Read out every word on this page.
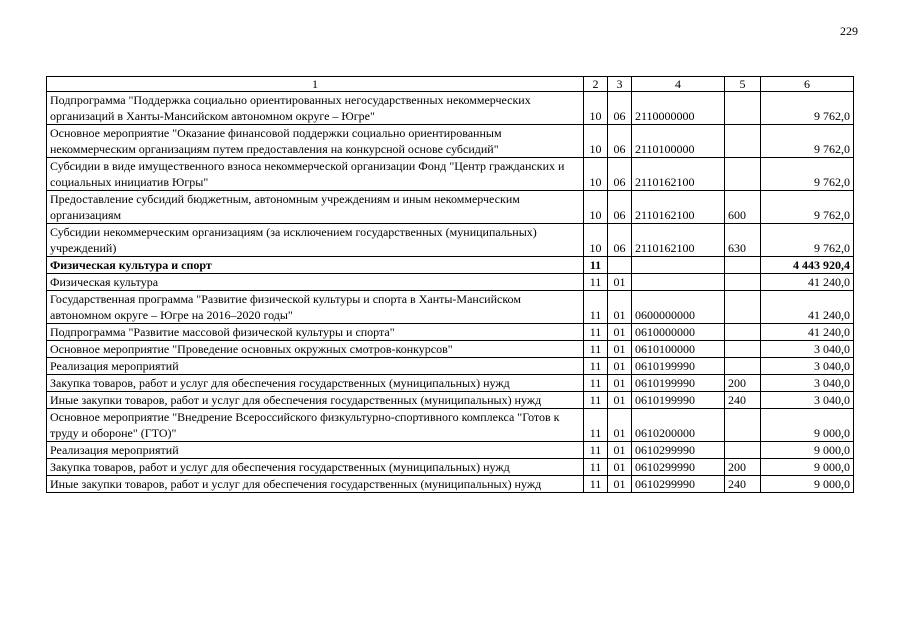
229
1	2	3	4	5	6
Подпрограмма "Поддержка социально ориентированных негосударственных некоммерческих организаций в Ханты-Мансийском автономном округе – Югре"	10	06	2110000000		9 762,0
Основное мероприятие "Оказание финансовой поддержки социально ориентированным некоммерческим организациям путем предоставления на конкурсной основе субсидий"	10	06	2110100000		9 762,0
Субсидии в виде имущественного взноса некоммерческой организации Фонд "Центр гражданских и социальных инициатив Югры"	10	06	2110162100		9 762,0
Предоставление субсидий бюджетным, автономным учреждениям и иным некоммерческим организациям	10	06	2110162100	600	9 762,0
Субсидии некоммерческим организациям (за исключением государственных (муниципальных) учреждений)	10	06	2110162100	630	9 762,0
Физическая культура и спорт	11				4 443 920,4
Физическая культура	11	01			41 240,0
Государственная программа "Развитие физической культуры и спорта в Ханты-Мансийском автономном округе – Югре на 2016–2020 годы"	11	01	0600000000		41 240,0
Подпрограмма "Развитие массовой физической культуры и спорта"	11	01	0610000000		41 240,0
Основное мероприятие "Проведение основных окружных смотров-конкурсов"	11	01	0610100000		3 040,0
Реализация мероприятий	11	01	0610199990		3 040,0
Закупка товаров, работ и услуг для обеспечения государственных (муниципальных) нужд	11	01	0610199990	200	3 040,0
Иные закупки товаров, работ и услуг для обеспечения государственных (муниципальных) нужд	11	01	0610199990	240	3 040,0
Основное мероприятие "Внедрение Всероссийского физкультурно-спортивного комплекса "Готов к труду и обороне" (ГТО)"	11	01	0610200000		9 000,0
Реализация мероприятий	11	01	0610299990		9 000,0
Закупка товаров, работ и услуг для обеспечения государственных (муниципальных) нужд	11	01	0610299990	200	9 000,0
Иные закупки товаров, работ и услуг для обеспечения государственных (муниципальных) нужд	11	01	0610299990	240	9 000,0
